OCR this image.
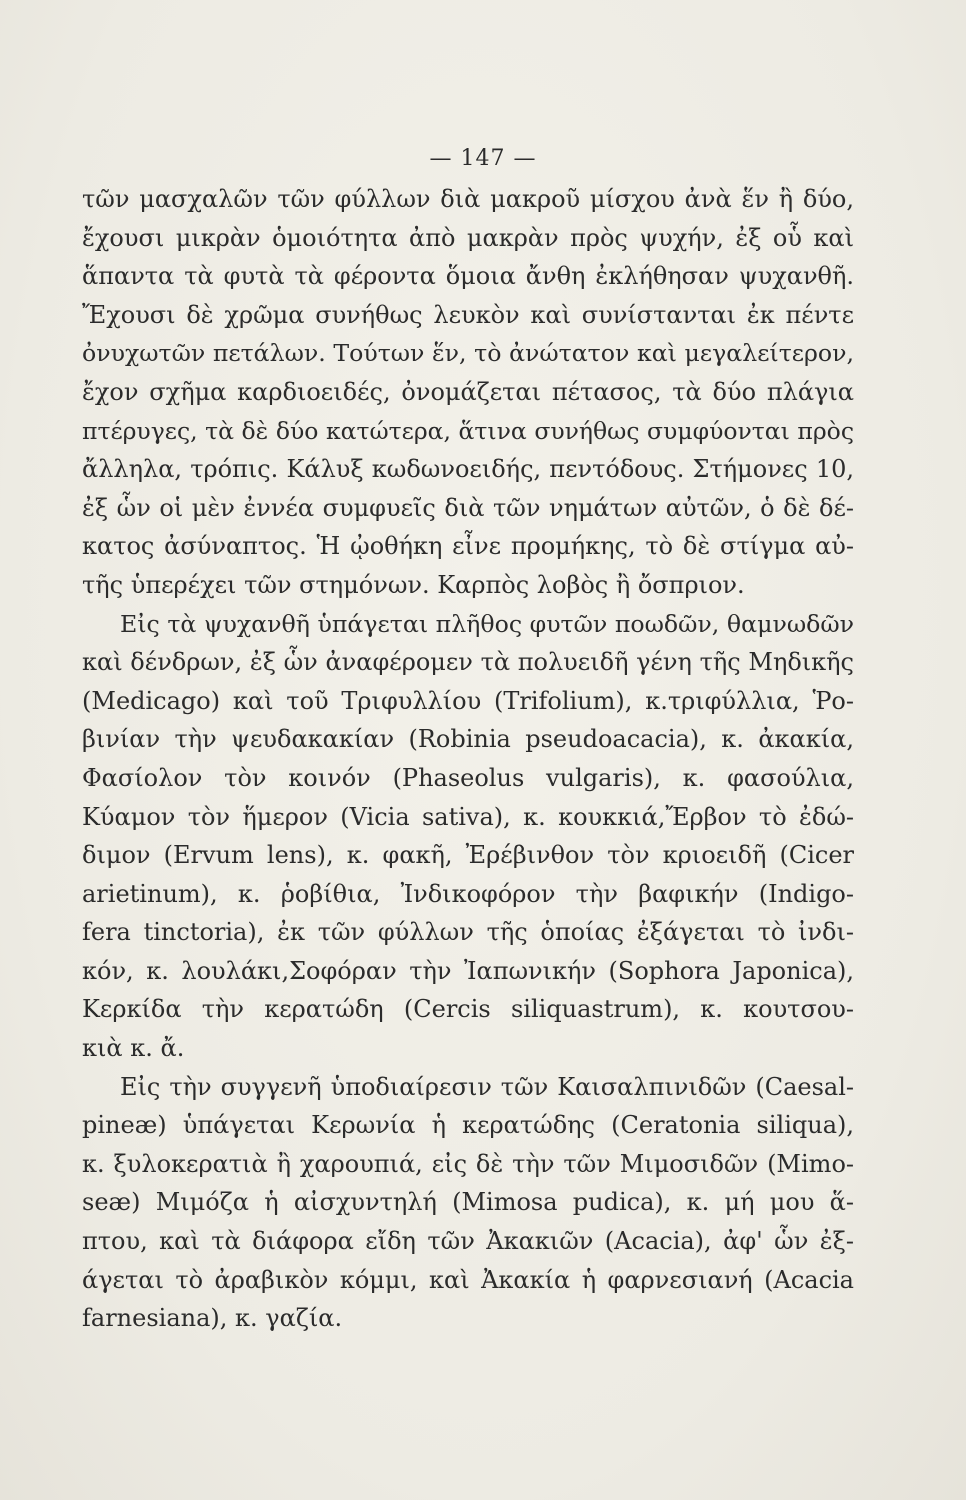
— 147 —
τῶν μασχαλῶν τῶν φύλλων διὰ μακροῦ μίσχου ἀνὰ ἕν ἢ δύο,
ἔχουσι μικρὰν ὁμοιότητα ἀπὸ μακρὰν πρὸς ψυχήν, ἐξ οὗ καὶ
ἅπαντα τὰ φυτὰ τὰ φέροντα ὅμοια ἄνθη ἐκλήθησαν ψυχανθῆ.
Ἔχουσι δὲ χρῶμα συνήθως λευκὸν καὶ συνίστανται ἐκ πέντε
ὀνυχωτῶν πετάλων. Τούτων ἕν, τὸ ἀνώτατον καὶ μεγαλείτερον,
ἔχον σχῆμα καρδιοειδές, ὀνομάζεται πέτασος, τὰ δύο πλάγια
πτέρυγες, τὰ δὲ δύο κατώτερα, ἅτινα συνήθως συμφύονται πρὸς
ἄλληλα, τρόπις. Κάλυξ κωδωνοειδής, πεντόδους. Στήμονες 10,
ἐξ ὧν οἱ μὲν ἐννέα συμφυεῖς διὰ τῶν νημάτων αὐτῶν, ὁ δὲ δέ-
κατος ἀσύναπτος. Ἡ ᾠοθήκη εἶνε προμήκης, τὸ δὲ στίγμα αὐ-
τῆς ὑπερέχει τῶν στημόνων. Καρπὸς λοβὸς ἢ ὄσπριον.
Εἰς τὰ ψυχανθῆ ὑπάγεται πλῆθος φυτῶν ποωδῶν, θαμνωδῶν
καὶ δένδρων, ἐξ ὧν ἀναφέρομεν τὰ πολυειδῆ γένη τῆς Μηδικῆς
(Medicago) καὶ τοῦ Τριφυλλίου (Trifolium), κ.τριφύλλια, Ῥο-
βινίαν τὴν ψευδακακίαν (Robinia pseudoacacia), κ. ἀκακία,
Φασίολον τὸν κοινόν (Phaseolus vulgaris), κ. φασούλια,
Κύαμον τὸν ἥμερον (Vicia sativa), κ. κουκκιά,Ἔρβον τὸ ἐδώ-
διμον (Ervum lens), κ. φακῆ, Ἐρέβινθον τὸν κριοειδῆ (Cicer
arietinum), κ. ῥοβίθια, Ἰνδικοφόρον τὴν βαφικήν (Indigo-
fera tinctoria), ἐκ τῶν φύλλων τῆς ὁποίας ἐξάγεται τὸ ἰνδι-
κόν, κ. λουλάκι,Σοφόραν τὴν Ἰαπωνικήν (Sophora Japonica),
Κερκίδα τὴν κερατώδη (Cercis siliquastrum), κ. κουτσου-
κιὰ κ. ἄ.
Εἰς τὴν συγγενῆ ὑποδιαίρεσιν τῶν Καισαλπινιδῶν (Caesal-
pineæ) ὑπάγεται Κερωνία ἡ κερατώδης (Ceratonia siliqua),
κ. ξυλοκερατιὰ ἢ χαρουπιά, εἰς δὲ τὴν τῶν Μιμοσιδῶν (Mimo-
seæ) Μιμόζα ἡ αἰσχυντηλή (Mimosa pudica), κ. μή μου ἅ-
πτου, καὶ τὰ διάφορα εἴδη τῶν Ἀκακιῶν (Acacia), ἀφ' ὧν ἐξ-
άγεται τὸ ἀραβικὸν κόμμι, καὶ Ἀκακία ἡ φαρνεσιανή (Acacia
farnesiana), κ. γαζία.
